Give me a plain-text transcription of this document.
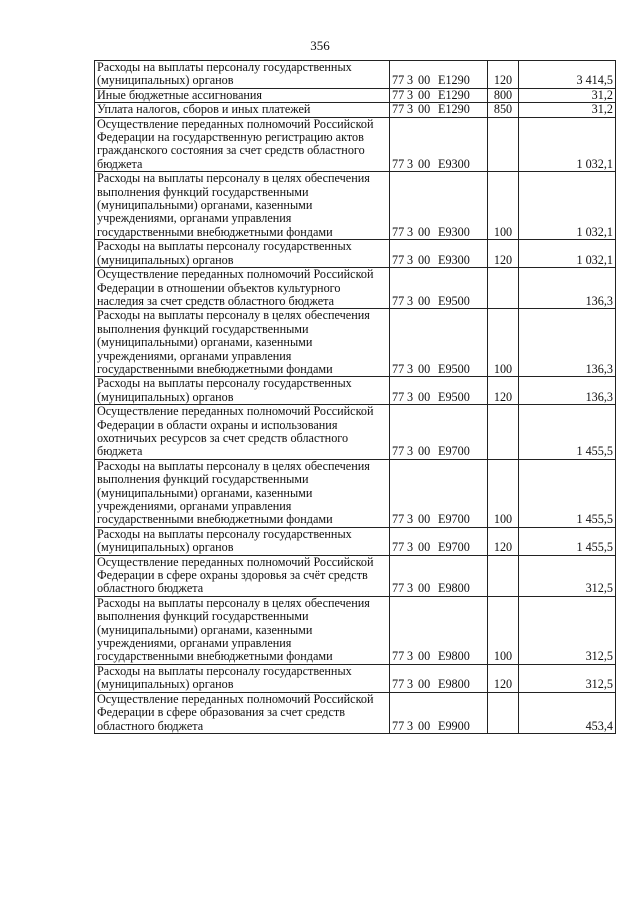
356
Расходы на выплаты персоналу государственных (муниципальных) органов	77 3 00 E1290	120	3 414,5
Иные бюджетные ассигнования	77 3 00 E1290	800	31,2
Уплата налогов, сборов и иных платежей	77 3 00 E1290	850	31,2
Осуществление переданных полномочий Российской Федерации на государственную регистрацию актов гражданского состояния за счет средств областного бюджета	77 3 00 E9300		1 032,1
Расходы на выплаты персоналу в целях обеспечения выполнения функций государственными (муниципальными) органами, казенными учреждениями, органами управления государственными внебюджетными фондами	77 3 00 E9300	100	1 032,1
Расходы на выплаты персоналу государственных (муниципальных) органов	77 3 00 E9300	120	1 032,1
Осуществление переданных полномочий Российской Федерации в отношении объектов культурного наследия за счет средств областного бюджета	77 3 00 E9500		136,3
Расходы на выплаты персоналу в целях обеспечения выполнения функций государственными (муниципальными) органами, казенными учреждениями, органами управления государственными внебюджетными фондами	77 3 00 E9500	100	136,3
Расходы на выплаты персоналу государственных (муниципальных) органов	77 3 00 E9500	120	136,3
Осуществление переданных полномочий Российской Федерации в области охраны и использования охотничьих ресурсов за счет средств областного бюджета	77 3 00 E9700		1 455,5
Расходы на выплаты персоналу в целях обеспечения выполнения функций государственными (муниципальными) органами, казенными учреждениями, органами управления государственными внебюджетными фондами	77 3 00 E9700	100	1 455,5
Расходы на выплаты персоналу государственных (муниципальных) органов	77 3 00 E9700	120	1 455,5
Осуществление переданных полномочий Российской Федерации в сфере охраны здоровья за счёт средств областного бюджета	77 3 00 E9800		312,5
Расходы на выплаты персоналу в целях обеспечения выполнения функций государственными (муниципальными) органами, казенными учреждениями, органами управления государственными внебюджетными фондами	77 3 00 E9800	100	312,5
Расходы на выплаты персоналу государственных (муниципальных) органов	77 3 00 E9800	120	312,5
Осуществление переданных полномочий Российской Федерации в сфере образования за счет средств областного бюджета	77 3 00 E9900		453,4
